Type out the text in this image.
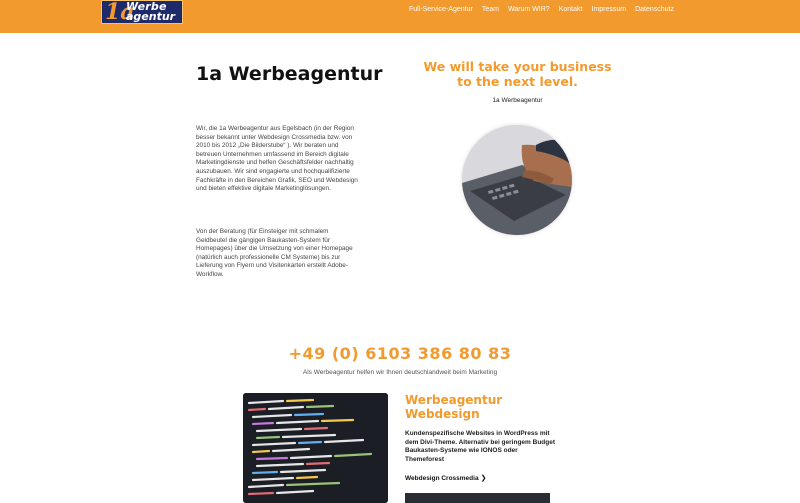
1a
Werbe
agentur
Full-Service-Agentur Team Warum WIR? Kontakt Impressum Datenschutz
1a Werbeagentur

Wir, die 1a Werbeagentur aus Egelsbach (in der Region besser bekannt unter Webdesign Crossmedia bzw. von 2010 bis 2012 „Die Bilderstube“ ). Wir beraten und betreuen Unternehmen umfassend im Bereich digitale Marketingdienste und helfen Geschäftsfelder nachhaltig auszubauen. Wir sind engagierte und hochqualifizierte Fachkräfte in den Bereichen Grafik, SEO und Webdesign und bieten effektive digitale Marketinglösungen.

Von der Beratung (für Einsteiger mit schmalem Geldbeutel die gängigen Baukasten-System für Homepages) über die Umsetzung von einer Homepage (natürlich auch professionelle CM Systeme) bis zur Lieferung von Flyern und Visitenkarten erstellt Adobe-Workflow.

We will take your business to the next level.
1a Werbeagentur
+49 (0) 6103 386 80 83
Als Werbeagentur helfen wir Ihnen deutschlandweit beim Marketing
Werbeagentur Webdesign
Kundenspezifische Websites in WordPress mit dem Divi-Theme. Alternativ bei geringem Budget Baukasten-Systeme wie IONOS oder Themeforest
Webdesign Crossmedia ❯
